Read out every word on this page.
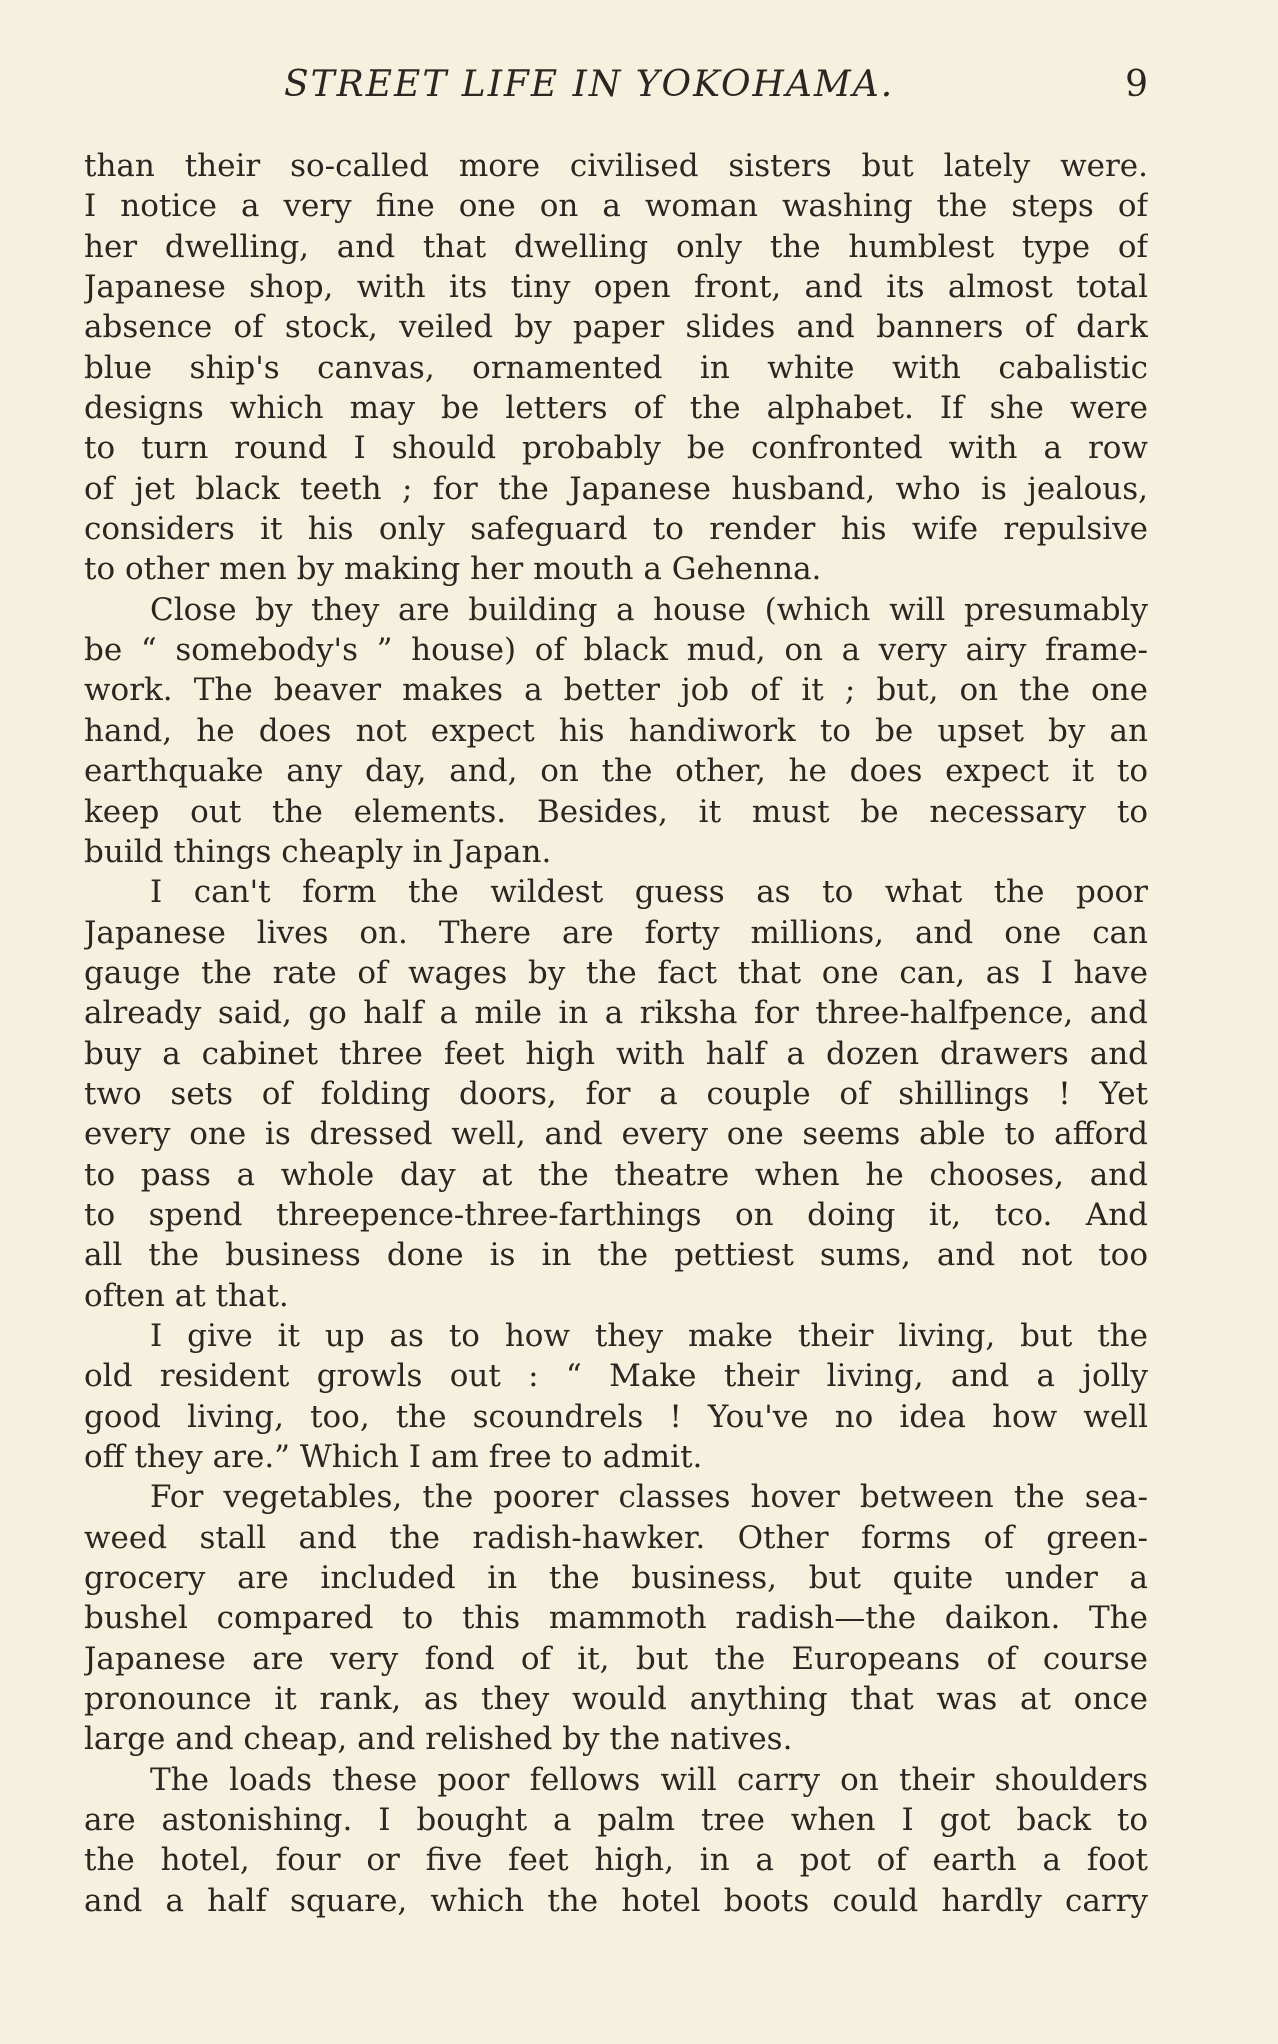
STREET LIFE IN YOKOHAMA.	9
than their so-called more civilised sisters but lately were.
I notice a very fine one on a woman washing the steps of
her dwelling, and that dwelling only the humblest type of
Japanese shop, with its tiny open front, and its almost total
absence of stock, veiled by paper slides and banners of dark
blue ship's canvas, ornamented in white with cabalistic
designs which may be letters of the alphabet. If she were
to turn round I should probably be confronted with a row
of jet black teeth ; for the Japanese husband, who is jealous,
considers it his only safeguard to render his wife repulsive
to other men by making her mouth a Gehenna.
Close by they are building a house (which will presumably
be “ somebody's ” house) of black mud, on a very airy frame-
work. The beaver makes a better job of it ; but, on the one
hand, he does not expect his handiwork to be upset by an
earthquake any day, and, on the other, he does expect it to
keep out the elements. Besides, it must be necessary to
build things cheaply in Japan.
I can't form the wildest guess as to what the poor
Japanese lives on. There are forty millions, and one can
gauge the rate of wages by the fact that one can, as I have
already said, go half a mile in a riksha for three-halfpence, and
buy a cabinet three feet high with half a dozen drawers and
two sets of folding doors, for a couple of shillings ! Yet
every one is dressed well, and every one seems able to afford
to pass a whole day at the theatre when he chooses, and
to spend threepence-three-farthings on doing it, tco. And
all the business done is in the pettiest sums, and not too
often at that.
I give it up as to how they make their living, but the
old resident growls out : “ Make their living, and a jolly
good living, too, the scoundrels ! You've no idea how well
off they are.” Which I am free to admit.
For vegetables, the poorer classes hover between the sea-
weed stall and the radish-hawker. Other forms of green-
grocery are included in the business, but quite under a
bushel compared to this mammoth radish—the daikon. The
Japanese are very fond of it, but the Europeans of course
pronounce it rank, as they would anything that was at once
large and cheap, and relished by the natives.
The loads these poor fellows will carry on their shoulders
are astonishing. I bought a palm tree when I got back to
the hotel, four or five feet high, in a pot of earth a foot
and a half square, which the hotel boots could hardly carry
